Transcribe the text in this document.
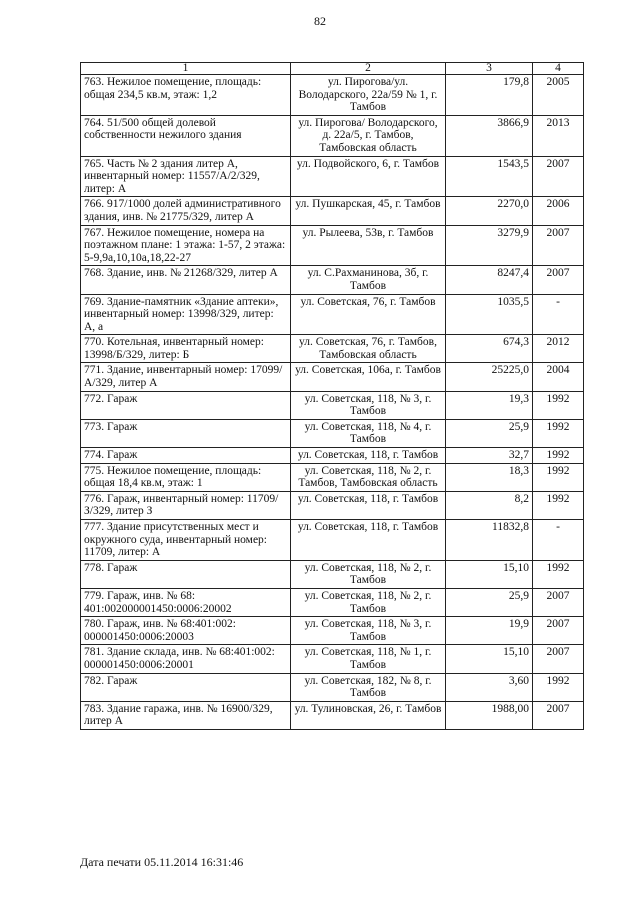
82
1	2	3	4
763. Нежилое помещение, площадь: общая 234,5 кв.м, этаж: 1,2	ул. Пирогова/ул. Володарского, 22а/59 № 1, г. Тамбов	179,8	2005
764. 51/500 общей долевой собственности нежилого здания	ул. Пирогова/ Володарского, д. 22а/5, г. Тамбов, Тамбовская область	3866,9	2013
765. Часть № 2 здания литер А, инвентарный номер: 11557/А/2/329, литер: А	ул. Подвойского, 6, г. Тамбов	1543,5	2007
766. 917/1000 долей административного здания, инв. № 21775/329, литер А	ул. Пушкарская, 45, г. Тамбов	2270,0	2006
767. Нежилое помещение, номера на поэтажном плане: 1 этажа: 1-57, 2 этажа: 5-9,9а,10,10а,18,22-27	ул. Рылеева, 53в, г. Тамбов	3279,9	2007
768. Здание, инв. № 21268/329, литер А	ул. С.Рахманинова, 3б, г. Тамбов	8247,4	2007
769. Здание-памятник «Здание аптеки», инвентарный номер: 13998/329, литер: А, а	ул. Советская, 76, г. Тамбов	1035,5	-
770. Котельная, инвентарный номер: 13998/Б/329, литер: Б	ул. Советская, 76, г. Тамбов, Тамбовская область	674,3	2012
771. Здание, инвентарный номер: 17099/А/329, литер А	ул. Советская, 106а, г. Тамбов	25225,0	2004
772. Гараж	ул. Советская, 118, № 3, г. Тамбов	19,3	1992
773. Гараж	ул. Советская, 118, № 4, г. Тамбов	25,9	1992
774. Гараж	ул. Советская, 118, г. Тамбов	32,7	1992
775. Нежилое помещение, площадь: общая 18,4 кв.м, этаж: 1	ул. Советская, 118, № 2, г. Тамбов, Тамбовская область	18,3	1992
776. Гараж, инвентарный номер: 11709/З/329, литер З	ул. Советская, 118, г. Тамбов	8,2	1992
777. Здание присутственных мест и окружного суда, инвентарный номер: 11709, литер: А	ул. Советская, 118, г. Тамбов	11832,8	-
778. Гараж	ул. Советская, 118, № 2, г. Тамбов	15,10	1992
779. Гараж, инв. № 68: 401:002000001450:0006:20002	ул. Советская, 118, № 2, г. Тамбов	25,9	2007
780. Гараж, инв. № 68:401:002: 000001450:0006:20003	ул. Советская, 118, № 3, г. Тамбов	19,9	2007
781. Здание склада, инв. № 68:401:002: 000001450:0006:20001	ул. Советская, 118, № 1, г. Тамбов	15,10	2007
782. Гараж	ул. Советская, 182, № 8, г. Тамбов	3,60	1992
783. Здание гаража, инв. № 16900/329, литер А	ул. Тулиновская, 26, г. Тамбов	1988,00	2007
Дата печати 05.11.2014 16:31:46
